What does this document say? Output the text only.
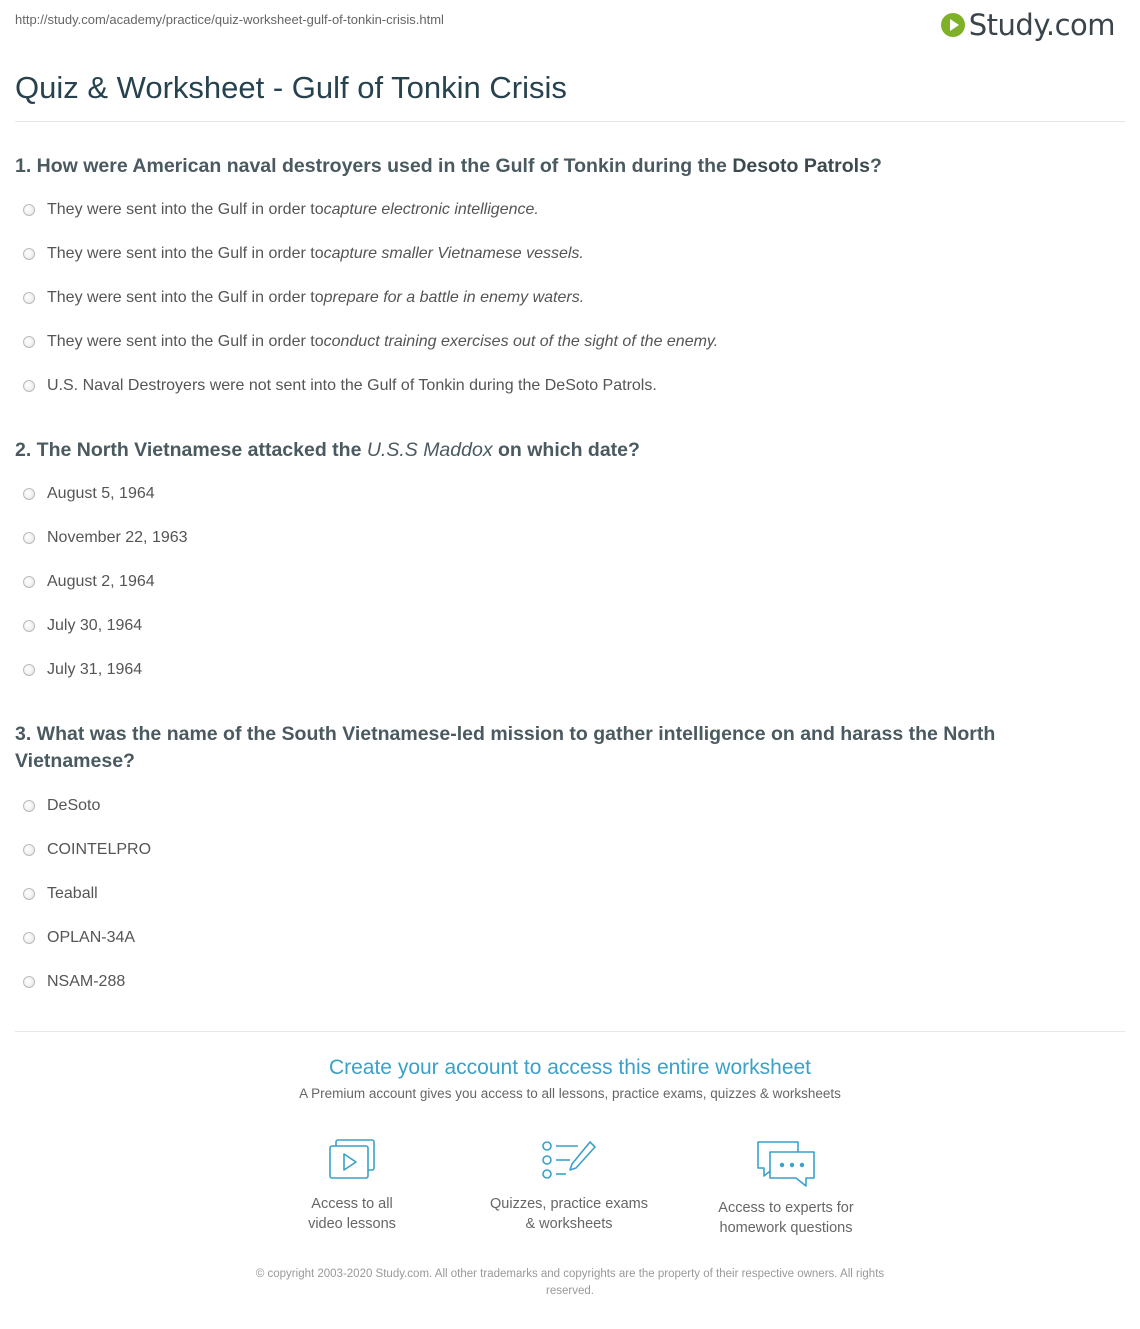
http://study.com/academy/practice/quiz-worksheet-gulf-of-tonkin-crisis.html	Study.com
Quiz & Worksheet - Gulf of Tonkin Crisis
1. How were American naval destroyers used in the Gulf of Tonkin during the Desoto Patrols?
They were sent into the Gulf in order to capture electronic intelligence.
They were sent into the Gulf in order to capture smaller Vietnamese vessels.
They were sent into the Gulf in order to prepare for a battle in enemy waters.
They were sent into the Gulf in order to conduct training exercises out of the sight of the enemy.
U.S. Naval Destroyers were not sent into the Gulf of Tonkin during the DeSoto Patrols.
2. The North Vietnamese attacked the U.S.S Maddox on which date?
August 5, 1964
November 22, 1963
August 2, 1964
July 30, 1964
July 31, 1964
3. What was the name of the South Vietnamese-led mission to gather intelligence on and harass the North
Vietnamese?
DeSoto
COINTELPRO
Teaball
OPLAN-34A
NSAM-288
Create your account to access this entire worksheet
A Premium account gives you access to all lessons, practice exams, quizzes & worksheets
Access to all
video lessons
Quizzes, practice exams
& worksheets
Access to experts for
homework questions
© copyright 2003-2020 Study.com. All other trademarks and copyrights are the property of their respective owners. All rights
reserved.
